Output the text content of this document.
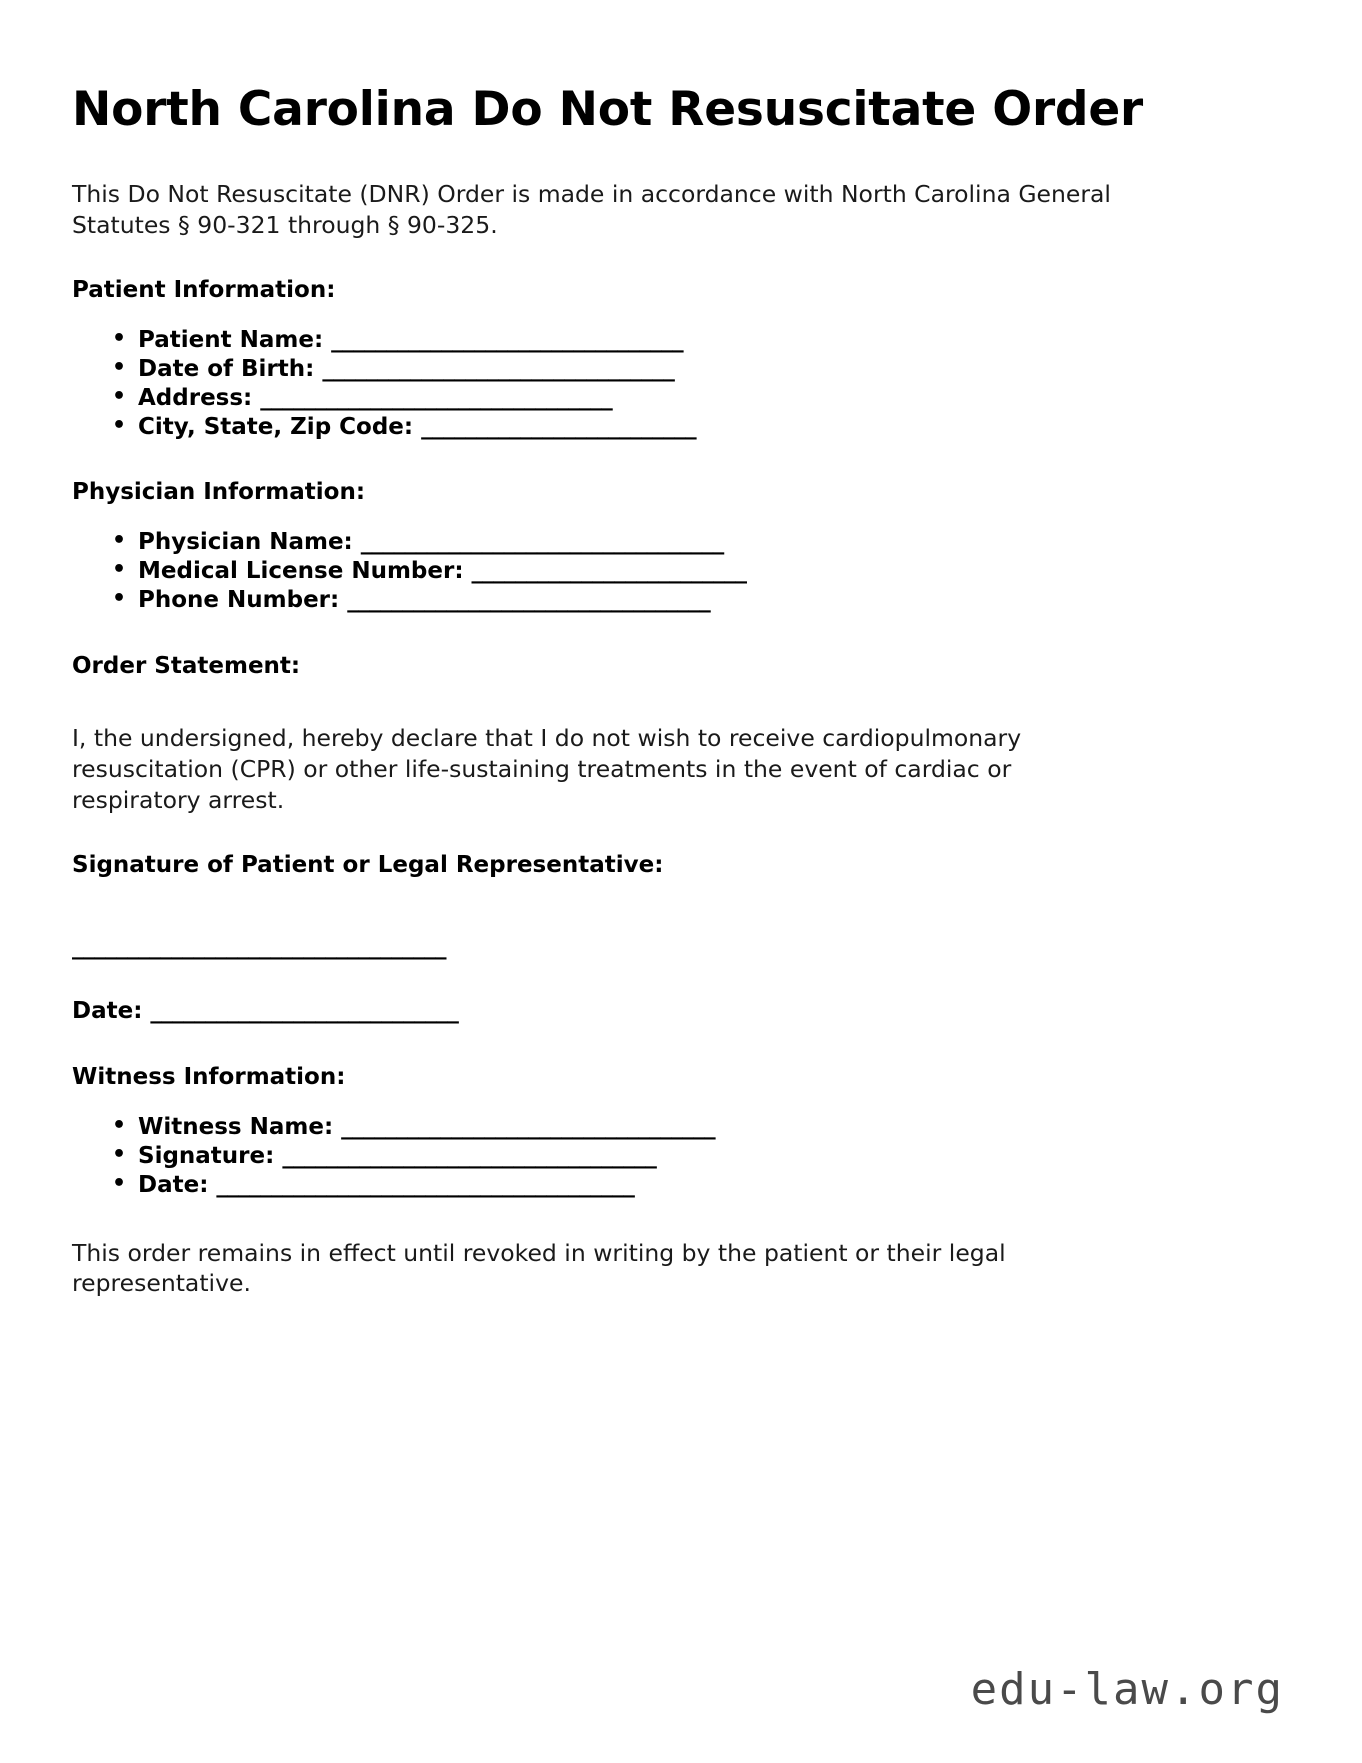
North Carolina Do Not Resuscitate Order

This Do Not Resuscitate (DNR) Order is made in accordance with North Carolina General Statutes § 90-321 through § 90-325.

Patient Information:

• Patient Name: ________________________________
• Date of Birth: ________________________________
• Address: ________________________________
• City, State, Zip Code: _________________________

Physician Information:

• Physician Name: _________________________________
• Medical License Number: _________________________
• Phone Number: _________________________________

Order Statement:

I, the undersigned, hereby declare that I do not wish to receive cardiopulmonary resuscitation (CPR) or other life-sustaining treatments in the event of cardiac or respiratory arrest.

Signature of Patient or Legal Representative:

__________________________________

Date: ____________________________

Witness Information:

• Witness Name: __________________________________
• Signature: __________________________________
• Date: ______________________________________

This order remains in effect until revoked in writing by the patient or their legal representative.

edu-law.org
